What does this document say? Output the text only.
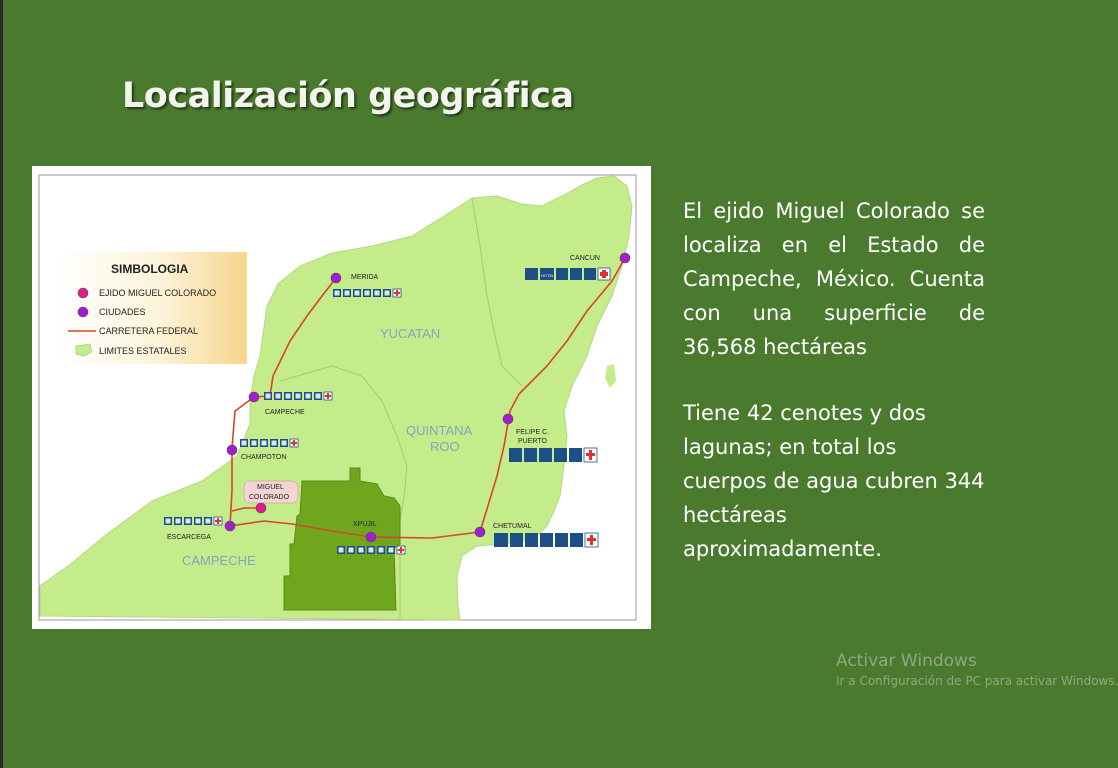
Localización geográfica
YUCATAN
QUINTANA
ROO
CAMPECHE
SIMBOLOGIA
EJIDO MIGUEL COLORADO
CIUDADES
CARRETERA FEDERAL
LIMITES ESTATALES
MERIDA
CANCUN
HOTEL
CAMPECHE
CHAMPOTON
MIGUEL
COLORADO
ESCARCEGA
XPUJIL
FELIPE C.
PUERTO
CHETUMAL
El ejido Miguel Colorado se localiza en el Estado de Campeche, México. Cuenta con una superficie de 36,568 hectáreas
Tiene 42 cenotes y dos lagunas; en total los cuerpos de agua cubren 344 hectáreas aproximadamente.
Activar Windows
Ir a Configuración de PC para activar Windows.
